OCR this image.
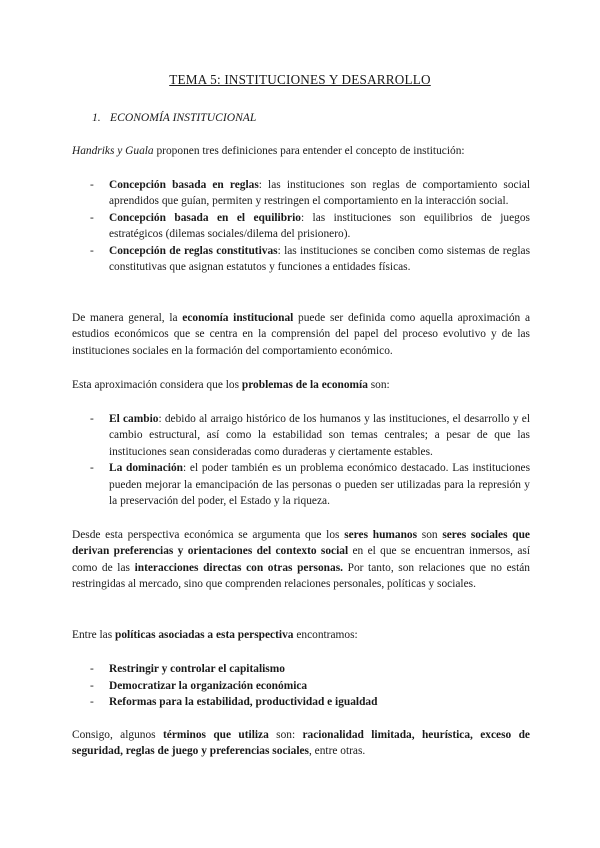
TEMA 5: INSTITUCIONES Y DESARROLLO
1. ECONOMÍA INSTITUCIONAL

Handriks y Guala proponen tres definiciones para entender el concepto de institución:

- Concepción basada en reglas: las instituciones son reglas de comportamiento social aprendidos que guían, permiten y restringen el comportamiento en la interacción social.
- Concepción basada en el equilibrio: las instituciones son equilibrios de juegos estratégicos (dilemas sociales/dilema del prisionero).
- Concepción de reglas constitutivas: las instituciones se conciben como sistemas de reglas constitutivas que asignan estatutos y funciones a entidades físicas.

De manera general, la economía institucional puede ser definida como aquella aproximación a estudios económicos que se centra en la comprensión del papel del proceso evolutivo y de las instituciones sociales en la formación del comportamiento económico.

Esta aproximación considera que los problemas de la economía son:

- El cambio: debido al arraigo histórico de los humanos y las instituciones, el desarrollo y el cambio estructural, así como la estabilidad son temas centrales; a pesar de que las instituciones sean consideradas como duraderas y ciertamente estables.
- La dominación: el poder también es un problema económico destacado. Las instituciones pueden mejorar la emancipación de las personas o pueden ser utilizadas para la represión y la preservación del poder, el Estado y la riqueza.

Desde esta perspectiva económica se argumenta que los seres humanos son seres sociales que derivan preferencias y orientaciones del contexto social en el que se encuentran inmersos, así como de las interacciones directas con otras personas. Por tanto, son relaciones que no están restringidas al mercado, sino que comprenden relaciones personales, políticas y sociales.

Entre las políticas asociadas a esta perspectiva encontramos:

- Restringir y controlar el capitalismo
- Democratizar la organización económica
- Reformas para la estabilidad, productividad e igualdad

Consigo, algunos términos que utiliza son: racionalidad limitada, heurística, exceso de seguridad, reglas de juego y preferencias sociales, entre otras.
